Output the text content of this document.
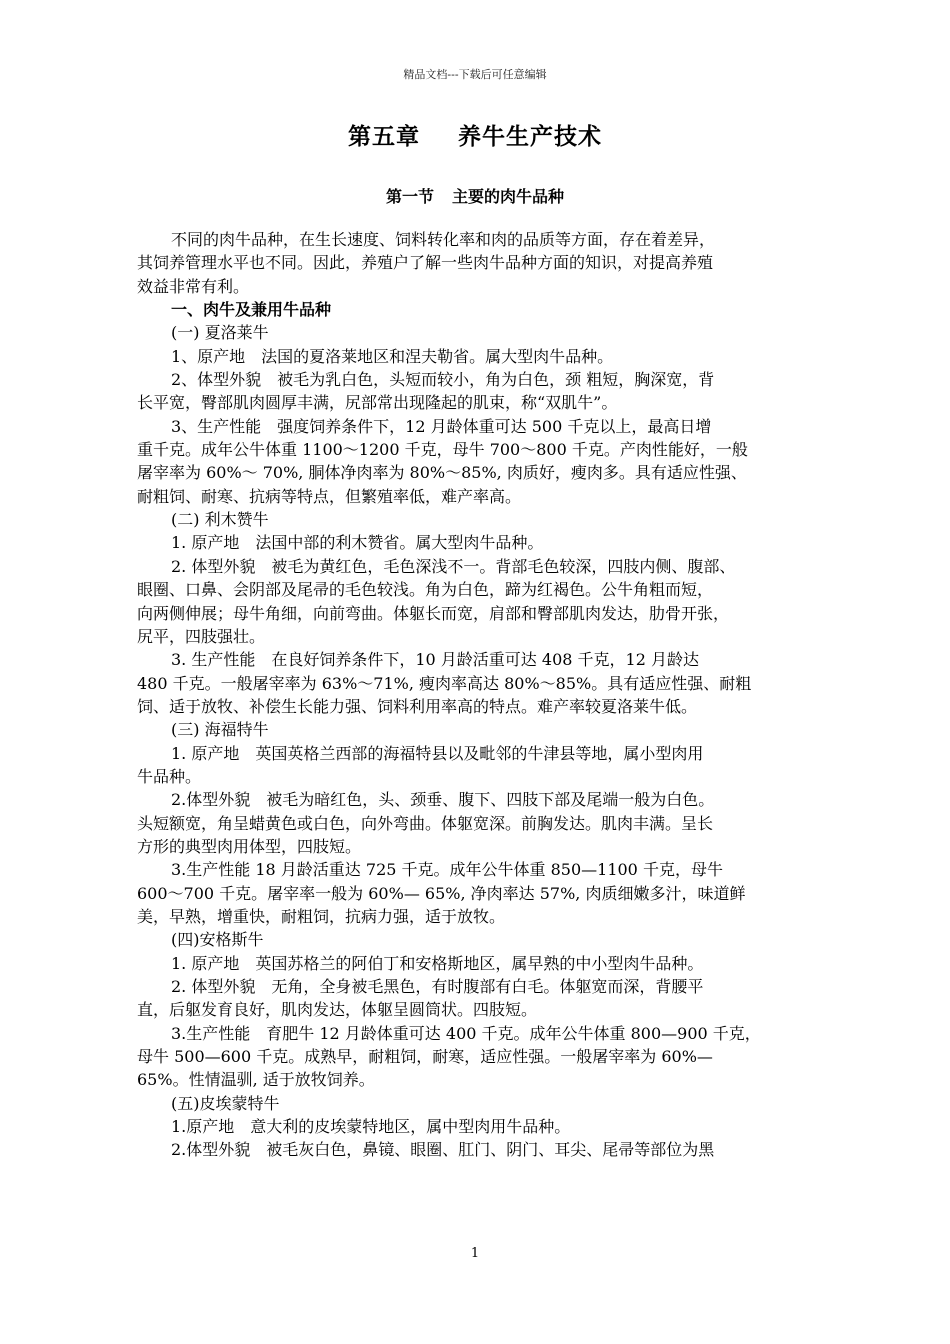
精品文档---下载后可任意编辑
第五章 养牛生产技术
第一节 主要的肉牛品种
不同的肉牛品种，在生长速度、饲料转化率和肉的品质等方面，存在着差异，
其饲养管理水平也不同。因此，养殖户了解一些肉牛品种方面的知识，对提高养殖
效益非常有利。
一、肉牛及兼用牛品种
(一) 夏洛莱牛
1、原产地　法国的夏洛莱地区和涅夫勒省。属大型肉牛品种。
2、体型外貌　被毛为乳白色，头短而较小，角为白色，颈 粗短，胸深宽，背
长平宽，臀部肌肉圆厚丰满，尻部常出现隆起的肌束，称“双肌牛”。
3、生产性能　强度饲养条件下，12 月龄体重可达 500 千克以上，最高日增
重千克。成年公牛体重 1100～1200 千克，母牛 700～800 千克。产肉性能好，一般
屠宰率为 60%～ 70%, 胴体净肉率为 80%～85%, 肉质好，瘦肉多。具有适应性强、
耐粗饲、耐寒、抗病等特点，但繁殖率低，难产率高。
(二) 利木赞牛
1. 原产地　法国中部的利木赞省。属大型肉牛品种。
2. 体型外貌　被毛为黄红色，毛色深浅不一。背部毛色较深，四肢内侧、腹部、
眼圈、口鼻、会阴部及尾帚的毛色较浅。角为白色，蹄为红褐色。公牛角粗而短，
向两侧伸展；母牛角细，向前弯曲。体躯长而宽，肩部和臀部肌肉发达，肋骨开张，
尻平，四肢强壮。
3. 生产性能　在良好饲养条件下，10 月龄活重可达 408 千克，12 月龄达
480 千克。一般屠宰率为 63%～71%, 瘦肉率高达 80%～85%。具有适应性强、耐粗
饲、适于放牧、补偿生长能力强、饲料利用率高的特点。难产率较夏洛莱牛低。
(三) 海福特牛
1. 原产地　英国英格兰西部的海福特县以及毗邻的牛津县等地，属小型肉用
牛品种。
2.体型外貌　被毛为暗红色，头、颈垂、腹下、四肢下部及尾端一般为白色。
头短额宽，角呈蜡黄色或白色，向外弯曲。体躯宽深。前胸发达。肌肉丰满。呈长
方形的典型肉用体型，四肢短。
3.生产性能 18 月龄活重达 725 千克。成年公牛体重 850—1100 千克，母牛
600～700 千克。屠宰率一般为 60%— 65%, 净肉率达 57%, 肉质细嫩多汁，味道鲜
美，早熟，增重快，耐粗饲，抗病力强，适于放牧。
(四)安格斯牛
1. 原产地　英国苏格兰的阿伯丁和安格斯地区，属早熟的中小型肉牛品种。
2. 体型外貌　无角，全身被毛黑色，有时腹部有白毛。体躯宽而深，背腰平
直，后躯发育良好，肌肉发达，体躯呈圆筒状。四肢短。
3.生产性能　育肥牛 12 月龄体重可达 400 千克。成年公牛体重 800—900 千克，
母牛 500—600 千克。成熟早，耐粗饲，耐寒，适应性强。一般屠宰率为 60%—
65%。性情温驯, 适于放牧饲养。
(五)皮埃蒙特牛
1.原产地　意大利的皮埃蒙特地区，属中型肉用牛品种。
2.体型外貌　被毛灰白色，鼻镜、眼圈、肛门、阴门、耳尖、尾帚等部位为黑
1
